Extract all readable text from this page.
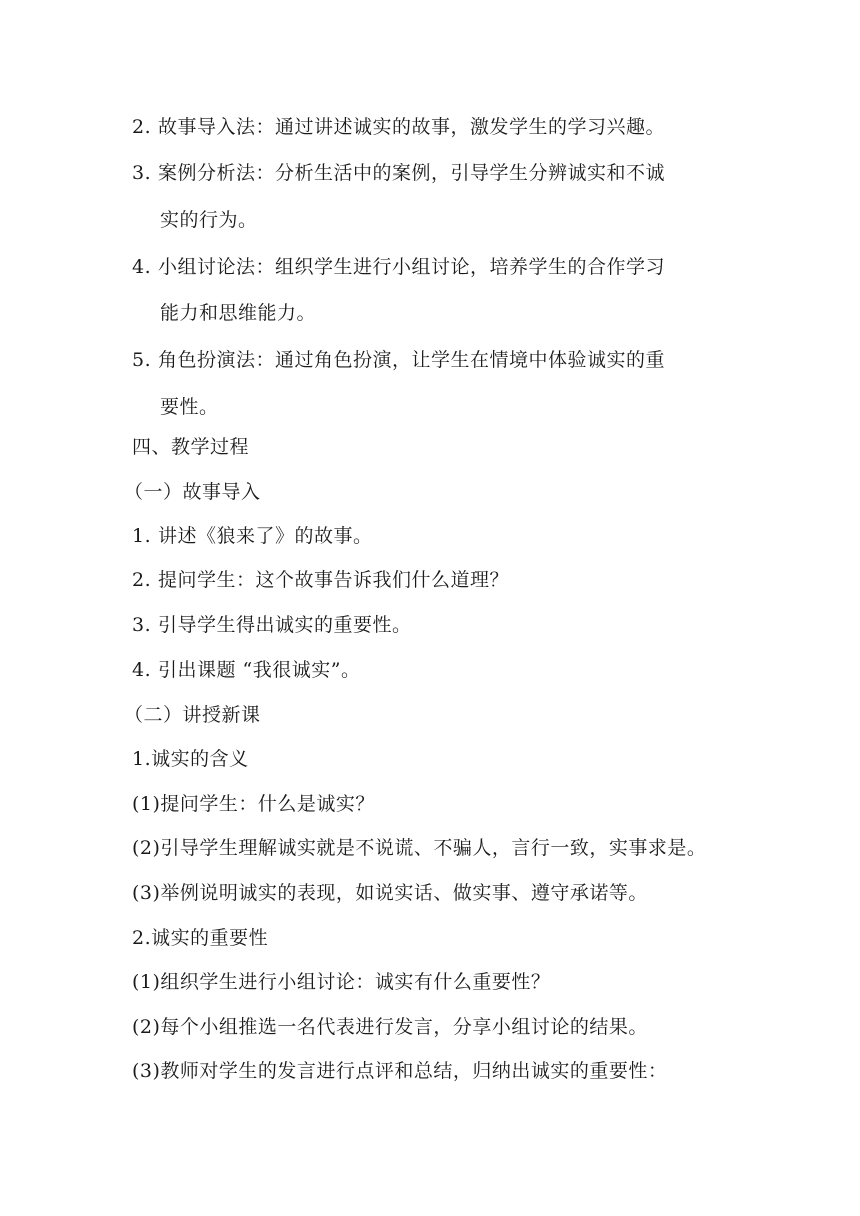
2. 故事导入法：通过讲述诚实的故事，激发学生的学习兴趣。
3. 案例分析法：分析生活中的案例，引导学生分辨诚实和不诚
实的行为。
4. 小组讨论法：组织学生进行小组讨论，培养学生的合作学习
能力和思维能力。
5. 角色扮演法：通过角色扮演，让学生在情境中体验诚实的重
要性。
四、教学过程
（一）故事导入
1. 讲述《狼来了》的故事。
2. 提问学生：这个故事告诉我们什么道理？
3. 引导学生得出诚实的重要性。
4. 引出课题 “我很诚实”。
（二）讲授新课
1.诚实的含义
(1)提问学生：什么是诚实？
(2)引导学生理解诚实就是不说谎、不骗人，言行一致，实事求是。
(3)举例说明诚实的表现，如说实话、做实事、遵守承诺等。
2.诚实的重要性
(1)组织学生进行小组讨论：诚实有什么重要性？
(2)每个小组推选一名代表进行发言，分享小组讨论的结果。
(3)教师对学生的发言进行点评和总结，归纳出诚实的重要性：
